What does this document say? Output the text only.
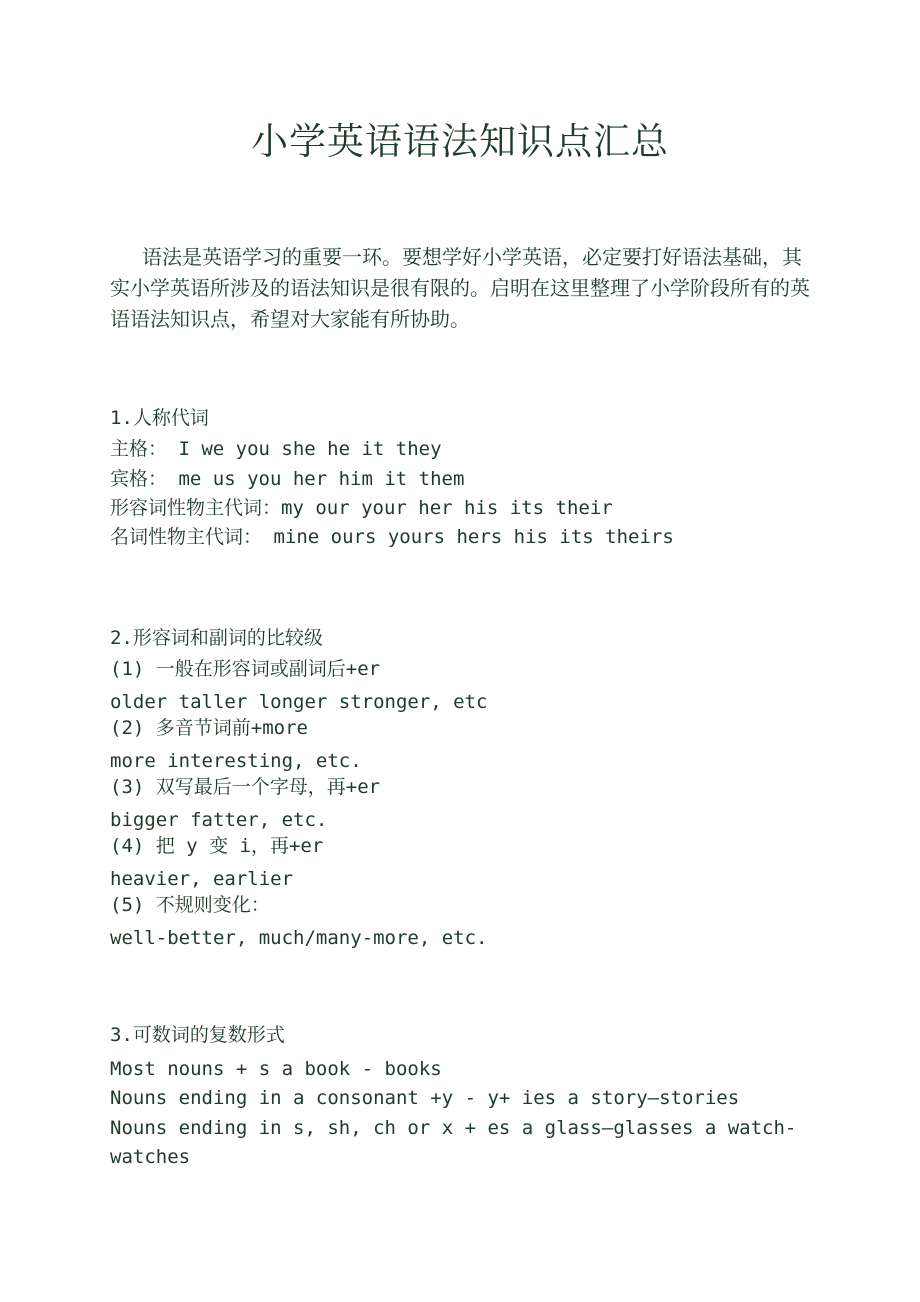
小学英语语法知识点汇总
语法是英语学习的重要一环。要想学好小学英语，必定要打好语法基础，其实小学英语所涉及的语法知识是很有限的。启明在这里整理了小学阶段所有的英语语法知识点，希望对大家能有所协助。
1.人称代词
主格： I we you she he it they
宾格： me us you her him it them
形容词性物主代词：my our your her his its their
名词性物主代词： mine ours yours hers his its theirs
2.形容词和副词的比较级
(1) 一般在形容词或副词后+er
older taller longer stronger, etc
(2) 多音节词前+more
more interesting, etc.
(3) 双写最后一个字母，再+er
bigger fatter, etc.
(4) 把 y 变 i，再+er
heavier, earlier
(5) 不规则变化：
well-better, much/many-more, etc.
3.可数词的复数形式
Most nouns + s a book - books
Nouns ending in a consonant +y - y+ ies a story—stories
Nouns ending in s, sh, ch or x + es a glass—glasses a watch-
watches
